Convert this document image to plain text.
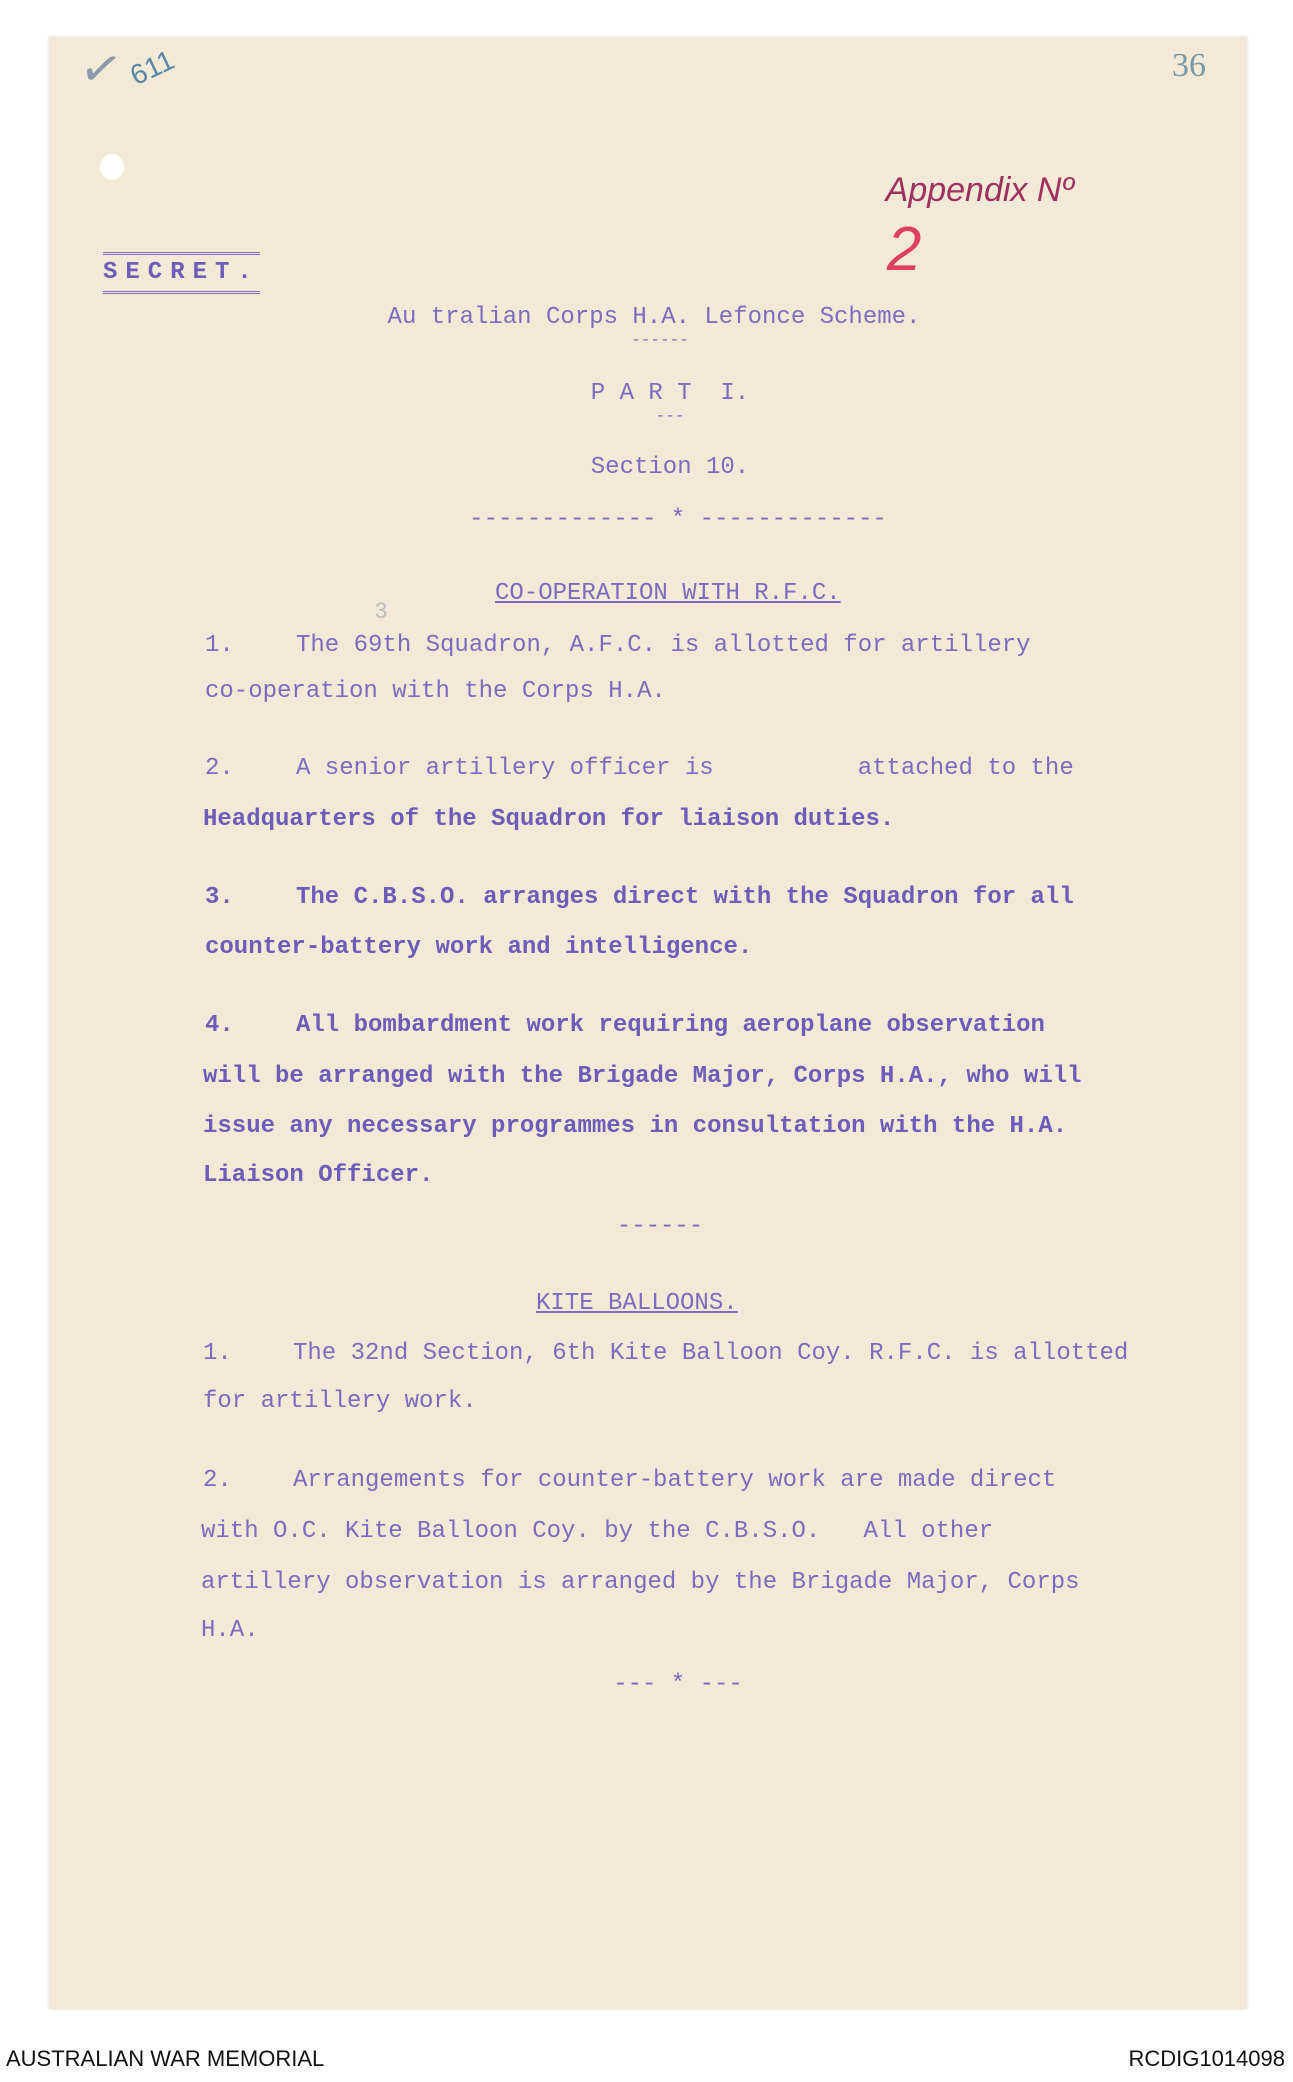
✓
611	36

Appendix Nº
2

SECRET.
Au tralian Corps H.A. Lefonce Scheme.
------
P A R T  I.
---
Section 10.
------------- * -------------
CO-OPERATION WITH R.F.C.
3
1.	The 69th Squadron, A.F.C. is allotted for artillery
co-operation with the Corps H.A.
2.	A senior artillery officer is          attached to the
Headquarters of the Squadron for liaison duties.
3.	The C.B.S.O. arranges direct with the Squadron for all
counter-battery work and intelligence.
4.	All bombardment work requiring aeroplane observation
will be arranged with the Brigade Major, Corps H.A., who will
issue any necessary programmes in consultation with the H.A.
Liaison Officer.
------
KITE BALLOONS.
1.	The 32nd Section, 6th Kite Balloon Coy. R.F.C. is allotted
for artillery work.
2.	Arrangements for counter-battery work are made direct
with O.C. Kite Balloon Coy. by the C.B.S.O.   All other
artillery observation is arranged by the Brigade Major, Corps
H.A.
--- * ---
AUSTRALIAN WAR MEMORIAL	RCDIG1014098
